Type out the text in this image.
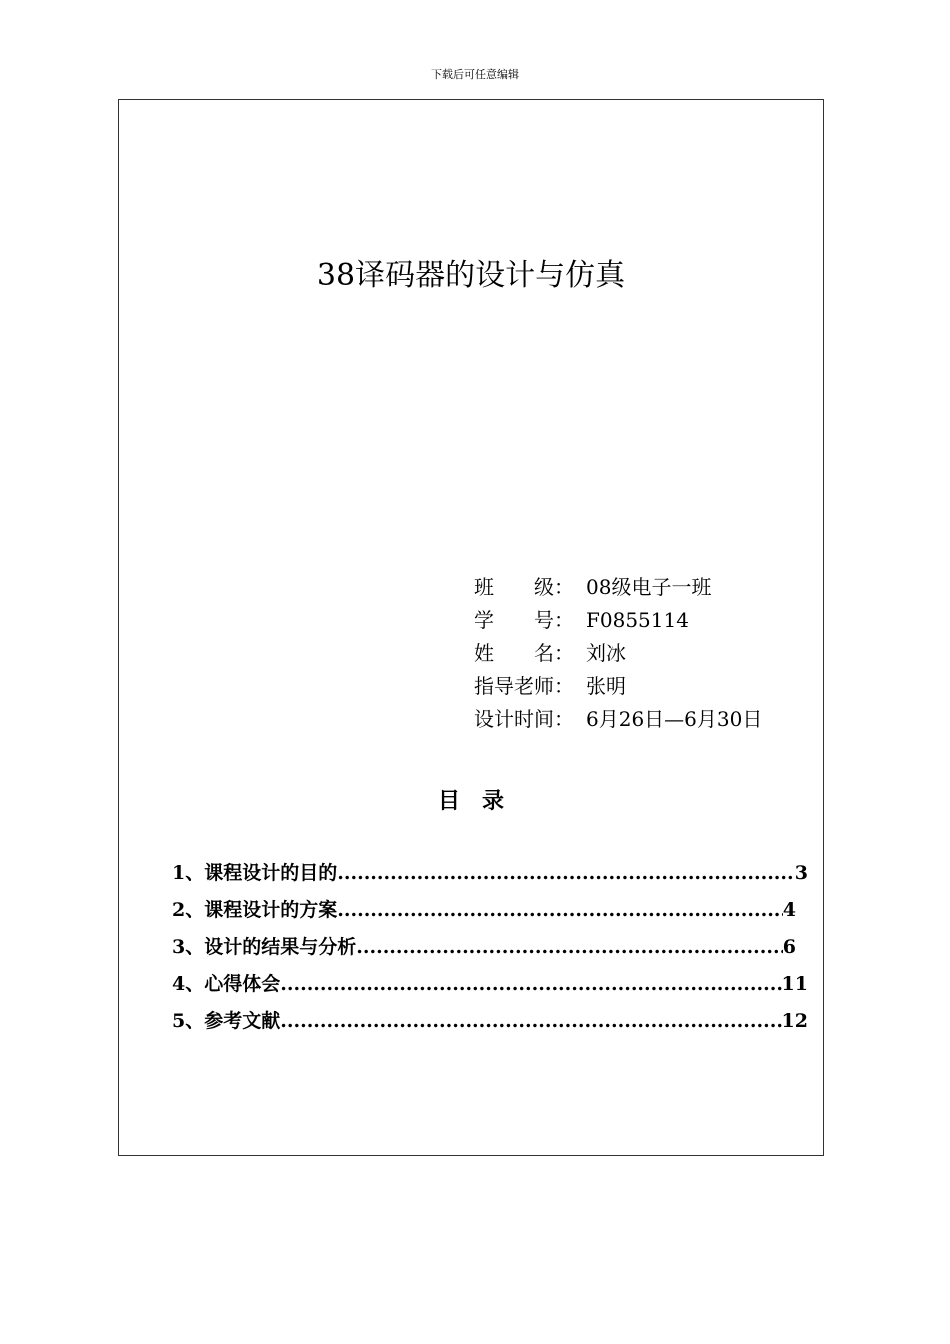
下载后可任意编辑
38译码器的设计与仿真
班　　级： 08级电子一班
学　　号： F0855114
姓　　名： 刘冰
指导老师： 张明
设计时间： 6月26日—6月30日
目　录
1、课程设计的目的 .....	3
2、课程设计的方案 .....	4
3、设计的结果与分析 .....	6
4、心得体会 .....	11
5、参考文献 .....	12
